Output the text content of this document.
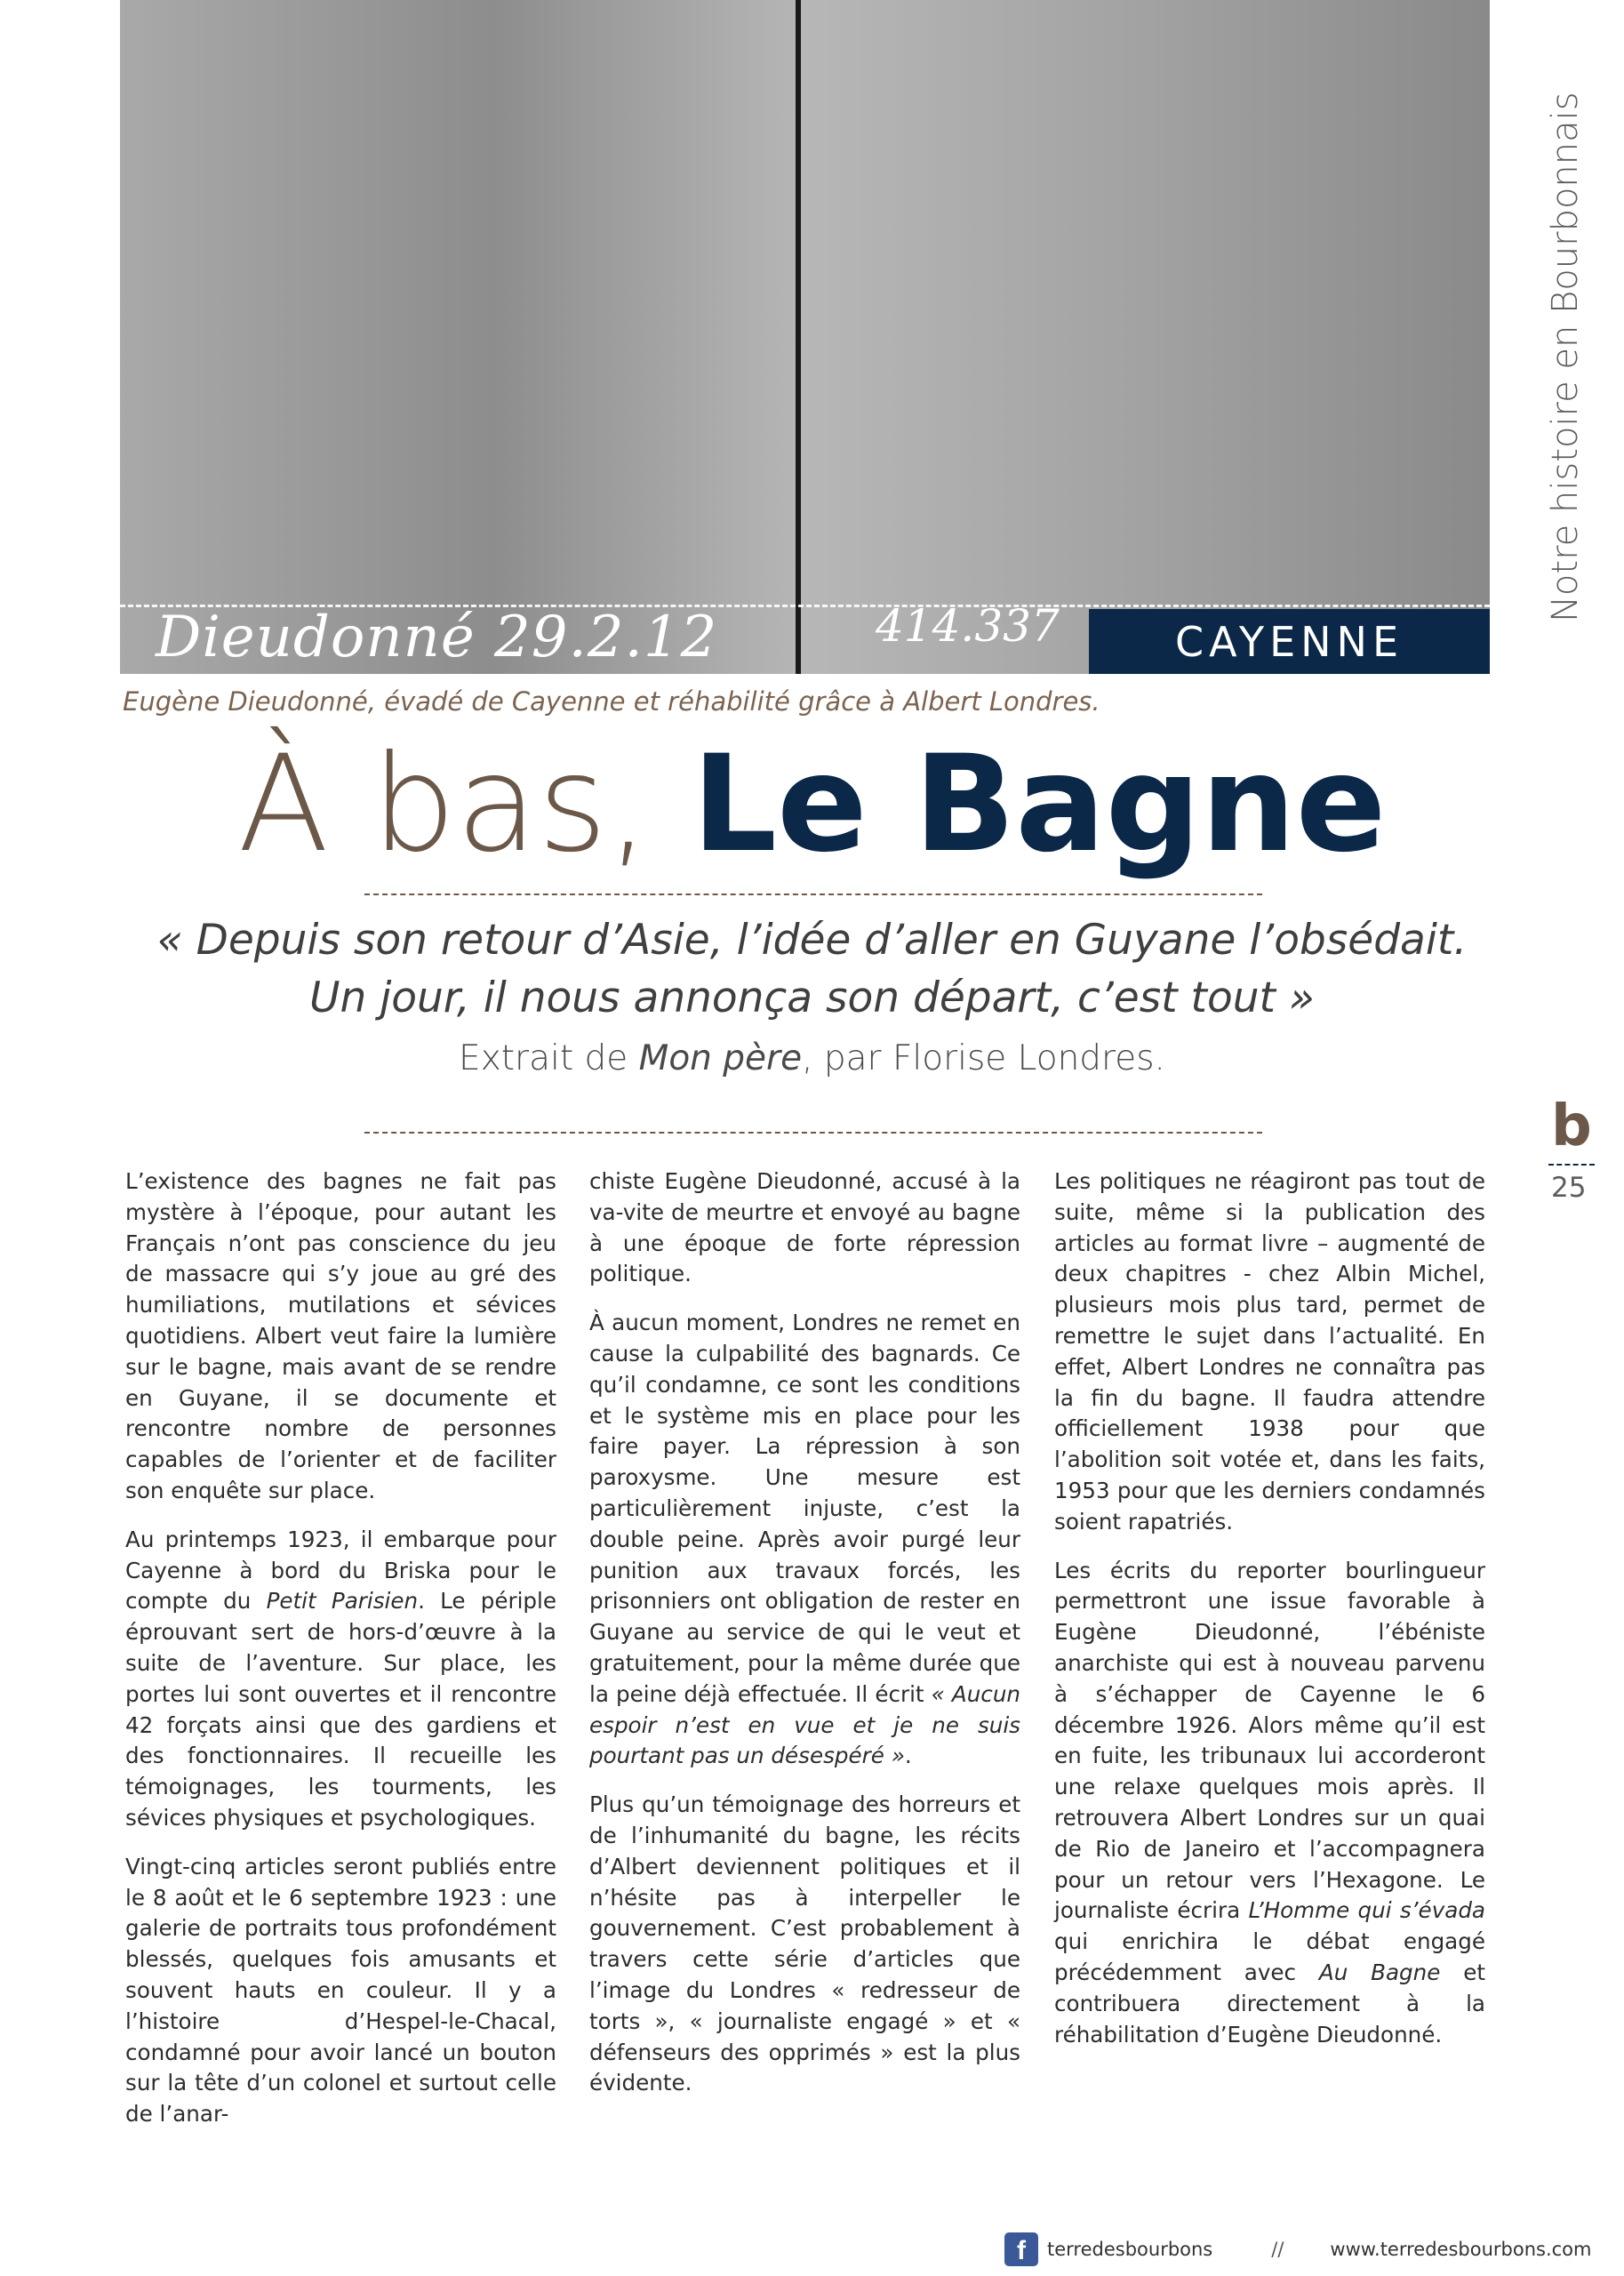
Dieudonné 29.2.12	414.337	CAYENNE
Notre histoire en Bourbonnais
Eugène Dieudonné, évadé de Cayenne et réhabilité grâce à Albert Londres.
À bas, Le Bagne
« Depuis son retour d’Asie, l’idée d’aller en Guyane l’obsédait.
Un jour, il nous annonça son départ, c’est tout »
Extrait de Mon père, par Florise Londres.
b
25

L’existence des bagnes ne fait pas mystère à l’époque, pour autant les Français n’ont pas conscience du jeu de massacre qui s’y joue au gré des humiliations, mutilations et sévices quotidiens. Albert veut faire la lumière sur le bagne, mais avant de se rendre en Guyane, il se documente et rencontre nombre de personnes capables de l’orienter et de faciliter son enquête sur place.

Au printemps 1923, il embarque pour Cayenne à bord du Briska pour le compte du Petit Parisien. Le périple éprouvant sert de hors-d’œuvre à la suite de l’aventure. Sur place, les portes lui sont ouvertes et il rencontre 42 forçats ainsi que des gardiens et des fonctionnaires. Il recueille les témoignages, les tourments, les sévices physiques et psychologiques.

Vingt-cinq articles seront publiés entre le 8 août et le 6 septembre 1923 : une galerie de portraits tous profondément blessés, quelques fois amusants et souvent hauts en couleur. Il y a l’histoire d’Hespel-le-Chacal, condamné pour avoir lancé un bouton sur la tête d’un colonel et surtout celle de l’anar-

chiste Eugène Dieudonné, accusé à la va-vite de meurtre et envoyé au bagne à une époque de forte répression politique.

À aucun moment, Londres ne remet en cause la culpabilité des bagnards. Ce qu’il condamne, ce sont les conditions et le système mis en place pour les faire payer. La répression à son paroxysme. Une mesure est particulièrement injuste, c’est la double peine. Après avoir purgé leur punition aux travaux forcés, les prisonniers ont obligation de rester en Guyane au service de qui le veut et gratuitement, pour la même durée que la peine déjà effectuée. Il écrit « Aucun espoir n’est en vue et je ne suis pourtant pas un désespéré ».

Plus qu’un témoignage des horreurs et de l’inhumanité du bagne, les récits d’Albert deviennent politiques et il n’hésite pas à interpeller le gouvernement. C’est probablement à travers cette série d’articles que l’image du Londres « redresseur de torts », « journaliste engagé » et « défenseurs des opprimés » est la plus évidente.

Les politiques ne réagiront pas tout de suite, même si la publication des articles au format livre – augmenté de deux chapitres - chez Albin Michel, plusieurs mois plus tard, permet de remettre le sujet dans l’actualité. En effet, Albert Londres ne connaîtra pas la fin du bagne. Il faudra attendre officiellement 1938 pour que l’abolition soit votée et, dans les faits, 1953 pour que les derniers condamnés soient rapatriés.

Les écrits du reporter bourlingueur permettront une issue favorable à Eugène Dieudonné, l’ébéniste anarchiste qui est à nouveau parvenu à s’échapper de Cayenne le 6 décembre 1926. Alors même qu’il est en fuite, les tribunaux lui accorderont une relaxe quelques mois après. Il retrouvera Albert Londres sur un quai de Rio de Janeiro et l’accompagnera pour un retour vers l’Hexagone. Le journaliste écrira L’Homme qui s’évada qui enrichira le débat engagé précédemment avec Au Bagne et contribuera directement à la réhabilitation d’Eugène Dieudonné.

f	terredesbourbons	// www.terredesbourbons.com
